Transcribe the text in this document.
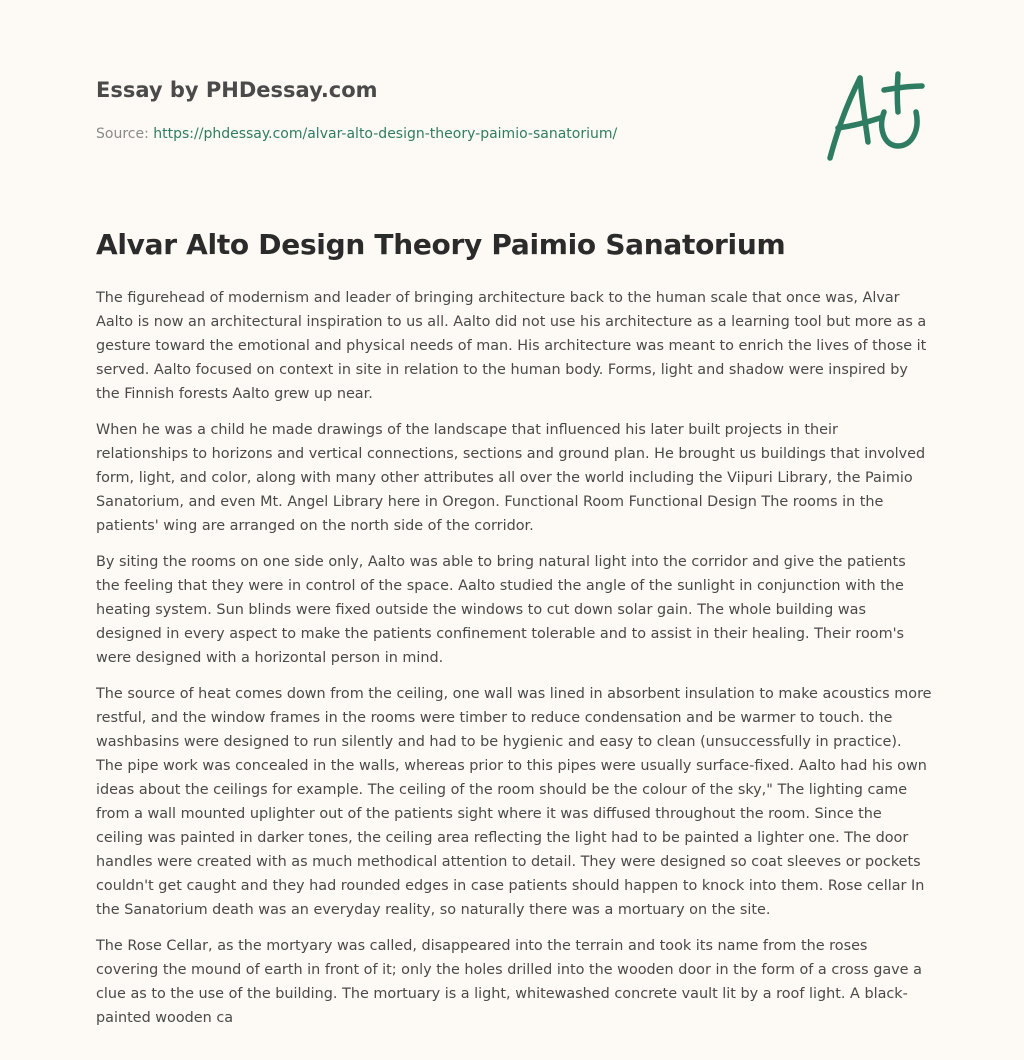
Essay by PHDessay.com
Source: https://phdessay.com/alvar-alto-design-theory-paimio-sanatorium/
Alvar Alto Design Theory Paimio Sanatorium

The figurehead of modernism and leader of bringing architecture back to the human scale that once was, Alvar Aalto is now an architectural inspiration to us all. Aalto did not use his architecture as a learning tool but more as a gesture toward the emotional and physical needs of man. His architecture was meant to enrich the lives of those it served. Aalto focused on context in site in relation to the human body. Forms, light and shadow were inspired by the Finnish forests Aalto grew up near.

When he was a child he made drawings of the landscape that influenced his later built projects in their relationships to horizons and vertical connections, sections and ground plan. He brought us buildings that involved form, light, and color, along with many other attributes all over the world including the Viipuri Library, the Paimio Sanatorium, and even Mt. Angel Library here in Oregon. Functional Room Functional Design The rooms in the patients' wing are arranged on the north side of the corridor.

By siting the rooms on one side only, Aalto was able to bring natural light into the corridor and give the patients the feeling that they were in control of the space. Aalto studied the angle of the sunlight in conjunction with the heating system. Sun blinds were fixed outside the windows to cut down solar gain. The whole building was designed in every aspect to make the patients confinement tolerable and to assist in their healing. Their room's were designed with a horizontal person in mind.

The source of heat comes down from the ceiling, one wall was lined in absorbent insulation to make acoustics more restful, and the window frames in the rooms were timber to reduce condensation and be warmer to touch. the washbasins were designed to run silently and had to be hygienic and easy to clean (unsuccessfully in practice). The pipe work was concealed in the walls, whereas prior to this pipes were usually surface-fixed. Aalto had his own ideas about the ceilings for example. The ceiling of the room should be the colour of the sky," The lighting came from a wall mounted uplighter out of the patients sight where it was diffused throughout the room. Since the ceiling was painted in darker tones, the ceiling area reflecting the light had to be painted a lighter one. The door handles were created with as much methodical attention to detail. They were designed so coat sleeves or pockets couldn't get caught and they had rounded edges in case patients should happen to knock into them. Rose cellar In the Sanatorium death was an everyday reality, so naturally there was a mortuary on the site.

The Rose Cellar, as the mortyary was called, disappeared into the terrain and took its name from the roses covering the mound of earth in front of it; only the holes drilled into the wooden door in the form of a cross gave a clue as to the use of the building. The mortuary is a light, whitewashed concrete vault lit by a roof light. A black-painted wooden ca
